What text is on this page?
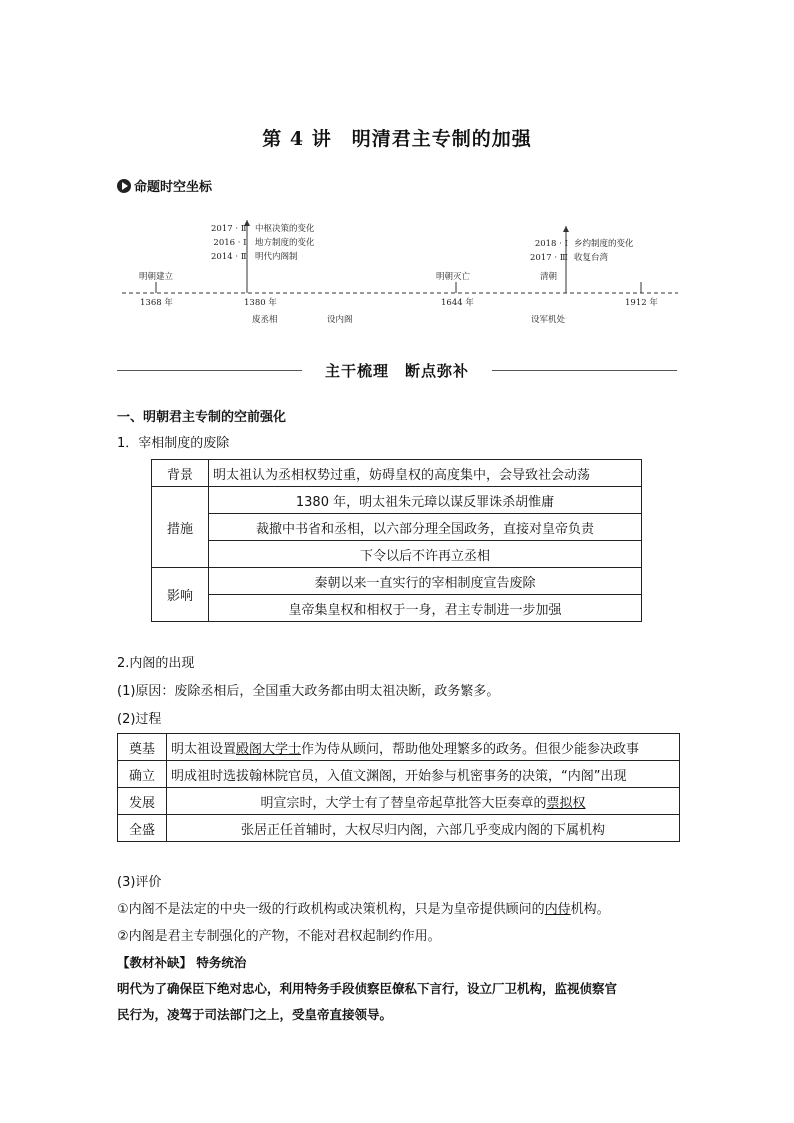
第 4 讲　明清君主专制的加强
命题时空坐标
2017 · Ⅱ
2016 · Ⅰ
2014 · Ⅱ
中枢决策的变化
地方制度的变化
明代内阁制
2018 · Ⅰ
2017 · Ⅲ
乡约制度的变化
收复台湾
明朝建立	明朝灭亡	清朝
1368 年	1380 年	1644 年	1912 年
废丞相	设内阁	设军机处
主干梳理　断点弥补
一、明朝君主专制的空前强化
1．宰相制度的废除
背景	明太祖认为丞相权势过重，妨碍皇权的高度集中，会导致社会动荡
措施	1380 年，明太祖朱元璋以谋反罪诛杀胡惟庸
	裁撤中书省和丞相，以六部分理全国政务，直接对皇帝负责
	下令以后不许再立丞相
影响	秦朝以来一直实行的宰相制度宣告废除
	皇帝集皇权和相权于一身，君主专制进一步加强
2.内阁的出现
(1)原因：废除丞相后，全国重大政务都由明太祖决断，政务繁多。
(2)过程
奠基	明太祖设置殿阁大学士作为侍从顾问，帮助他处理繁多的政务。但很少能参决政事
确立	明成祖时选拔翰林院官员，入值文渊阁，开始参与机密事务的决策，“内阁”出现
发展	明宣宗时，大学士有了替皇帝起草批答大臣奏章的票拟权
全盛	张居正任首辅时，大权尽归内阁，六部几乎变成内阁的下属机构
(3)评价
①内阁不是法定的中央一级的行政机构或决策机构，只是为皇帝提供顾问的内侍机构。
②内阁是君主专制强化的产物，不能对君权起制约作用。
【教材补缺】 特务统治
明代为了确保臣下绝对忠心，利用特务手段侦察臣僚私下言行，设立厂卫机构，监视侦察官
民行为，凌驾于司法部门之上，受皇帝直接领导。
